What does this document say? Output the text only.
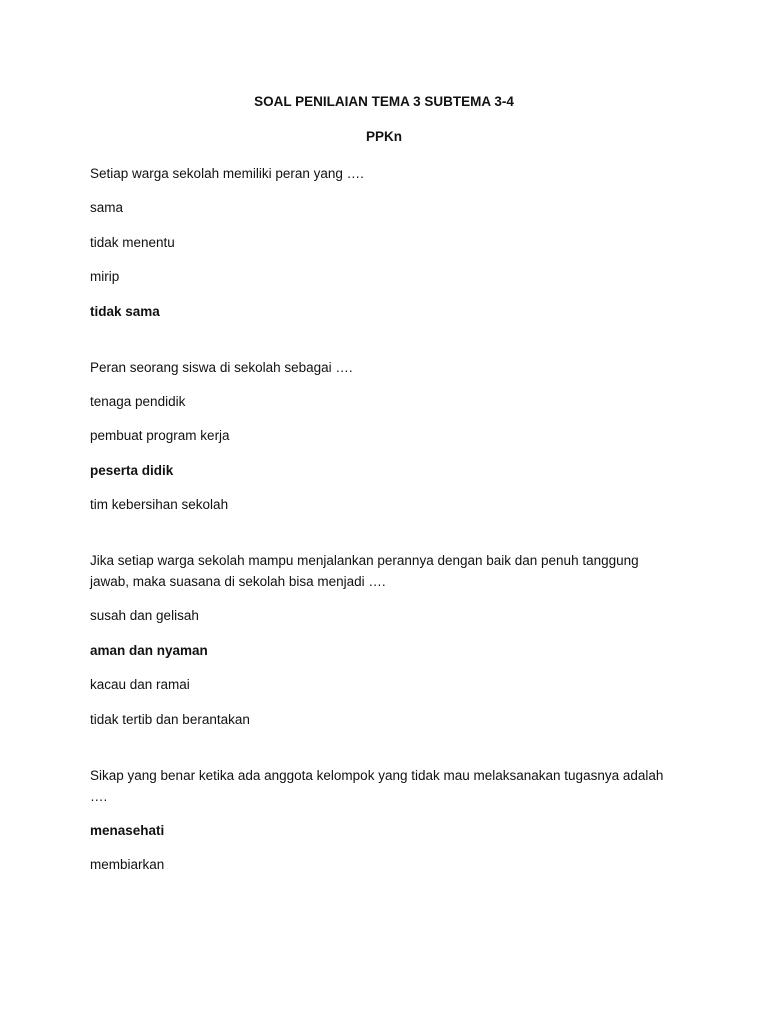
SOAL PENILAIAN TEMA 3 SUBTEMA 3-4

PPKn

Setiap warga sekolah memiliki peran yang ….

sama

tidak menentu

mirip

tidak sama

Peran seorang siswa di sekolah sebagai ….

tenaga pendidik

pembuat program kerja

peserta didik

tim kebersihan sekolah

Jika setiap warga sekolah mampu menjalankan perannya dengan baik dan penuh tanggung jawab, maka suasana di sekolah bisa menjadi ….

susah dan gelisah

aman dan nyaman

kacau dan ramai

tidak tertib dan berantakan

Sikap yang benar ketika ada anggota kelompok yang tidak mau melaksanakan tugasnya adalah ….

menasehati

membiarkan
